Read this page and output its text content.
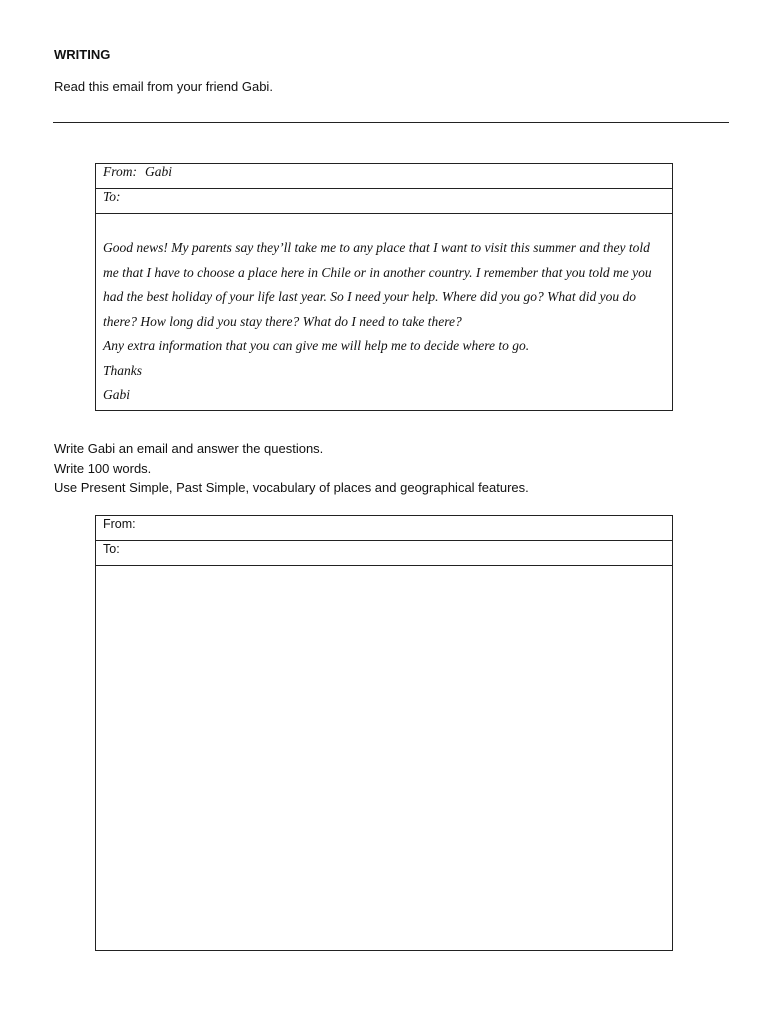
WRITING

Read this email from your friend Gabi.

From: Gabi
To:

Good news! My parents say they’ll take me to any place that I want to visit this summer and they told me that I have to choose a place here in Chile or in another country. I remember that you told me you had the best holiday of your life last year. So I need your help. Where did you go? What did you do there? How long did you stay there? What do I need to take there?

Any extra information that you can give me will help me to decide where to go.

Thanks

Gabi

Write Gabi an email and answer the questions.
Write 100 words.
Use Present Simple, Past Simple, vocabulary of places and geographical features.
From:
To:
